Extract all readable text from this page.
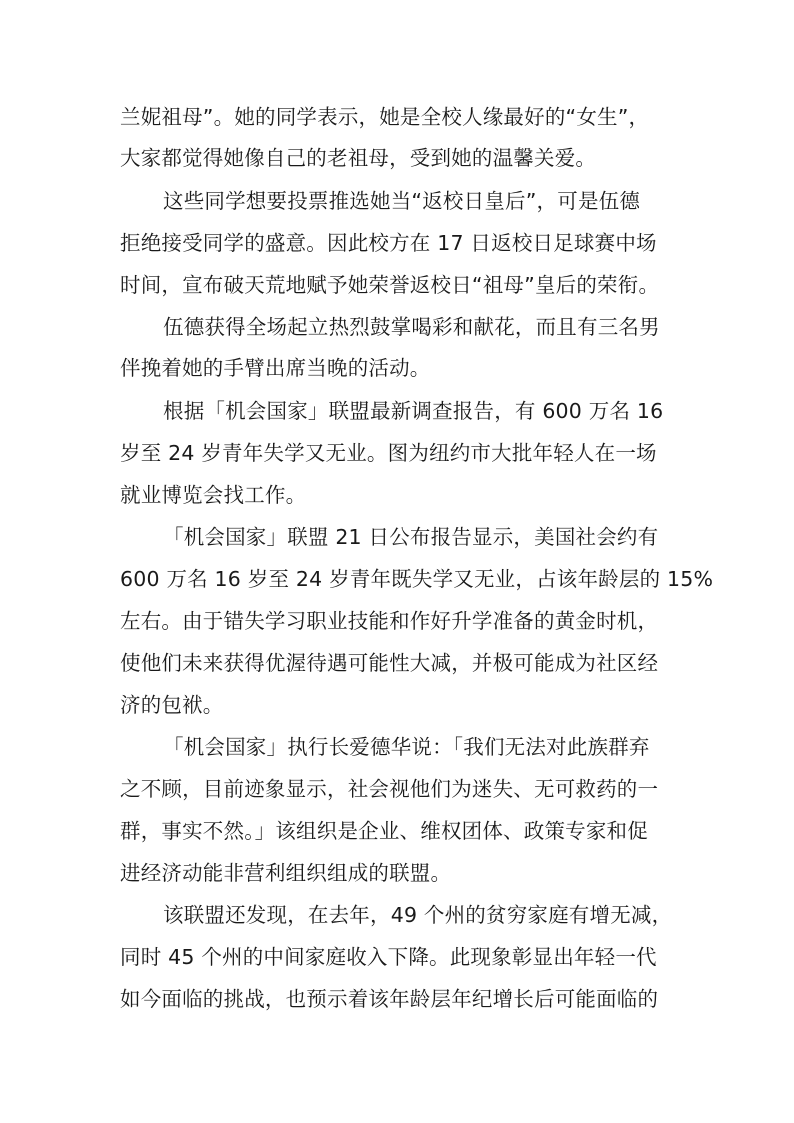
兰妮祖母”。她的同学表示，她是全校人缘最好的“女生”，
大家都觉得她像自己的老祖母，受到她的温馨关爱。
这些同学想要投票推选她当“返校日皇后”，可是伍德
拒绝接受同学的盛意。因此校方在 17 日返校日足球赛中场
时间，宣布破天荒地赋予她荣誉返校日“祖母”皇后的荣衔。
伍德获得全场起立热烈鼓掌喝彩和献花，而且有三名男
伴挽着她的手臂出席当晚的活动。
根据「机会国家」联盟最新调查报告，有 600 万名 16
岁至 24 岁青年失学又无业。图为纽约市大批年轻人在一场
就业博览会找工作。
「机会国家」联盟 21 日公布报告显示，美国社会约有
600 万名 16 岁至 24 岁青年既失学又无业，占该年龄层的 15%
左右。由于错失学习职业技能和作好升学准备的黄金时机，
使他们未来获得优渥待遇可能性大减，并极可能成为社区经
济的包袱。
「机会国家」执行长爱德华说：「我们无法对此族群弃
之不顾，目前迹象显示，社会视他们为迷失、无可救药的一
群，事实不然。」该组织是企业、维权团体、政策专家和促
进经济动能非营利组织组成的联盟。
该联盟还发现，在去年，49 个州的贫穷家庭有增无减，
同时 45 个州的中间家庭收入下降。此现象彰显出年轻一代
如今面临的挑战，也预示着该年龄层年纪增长后可能面临的
